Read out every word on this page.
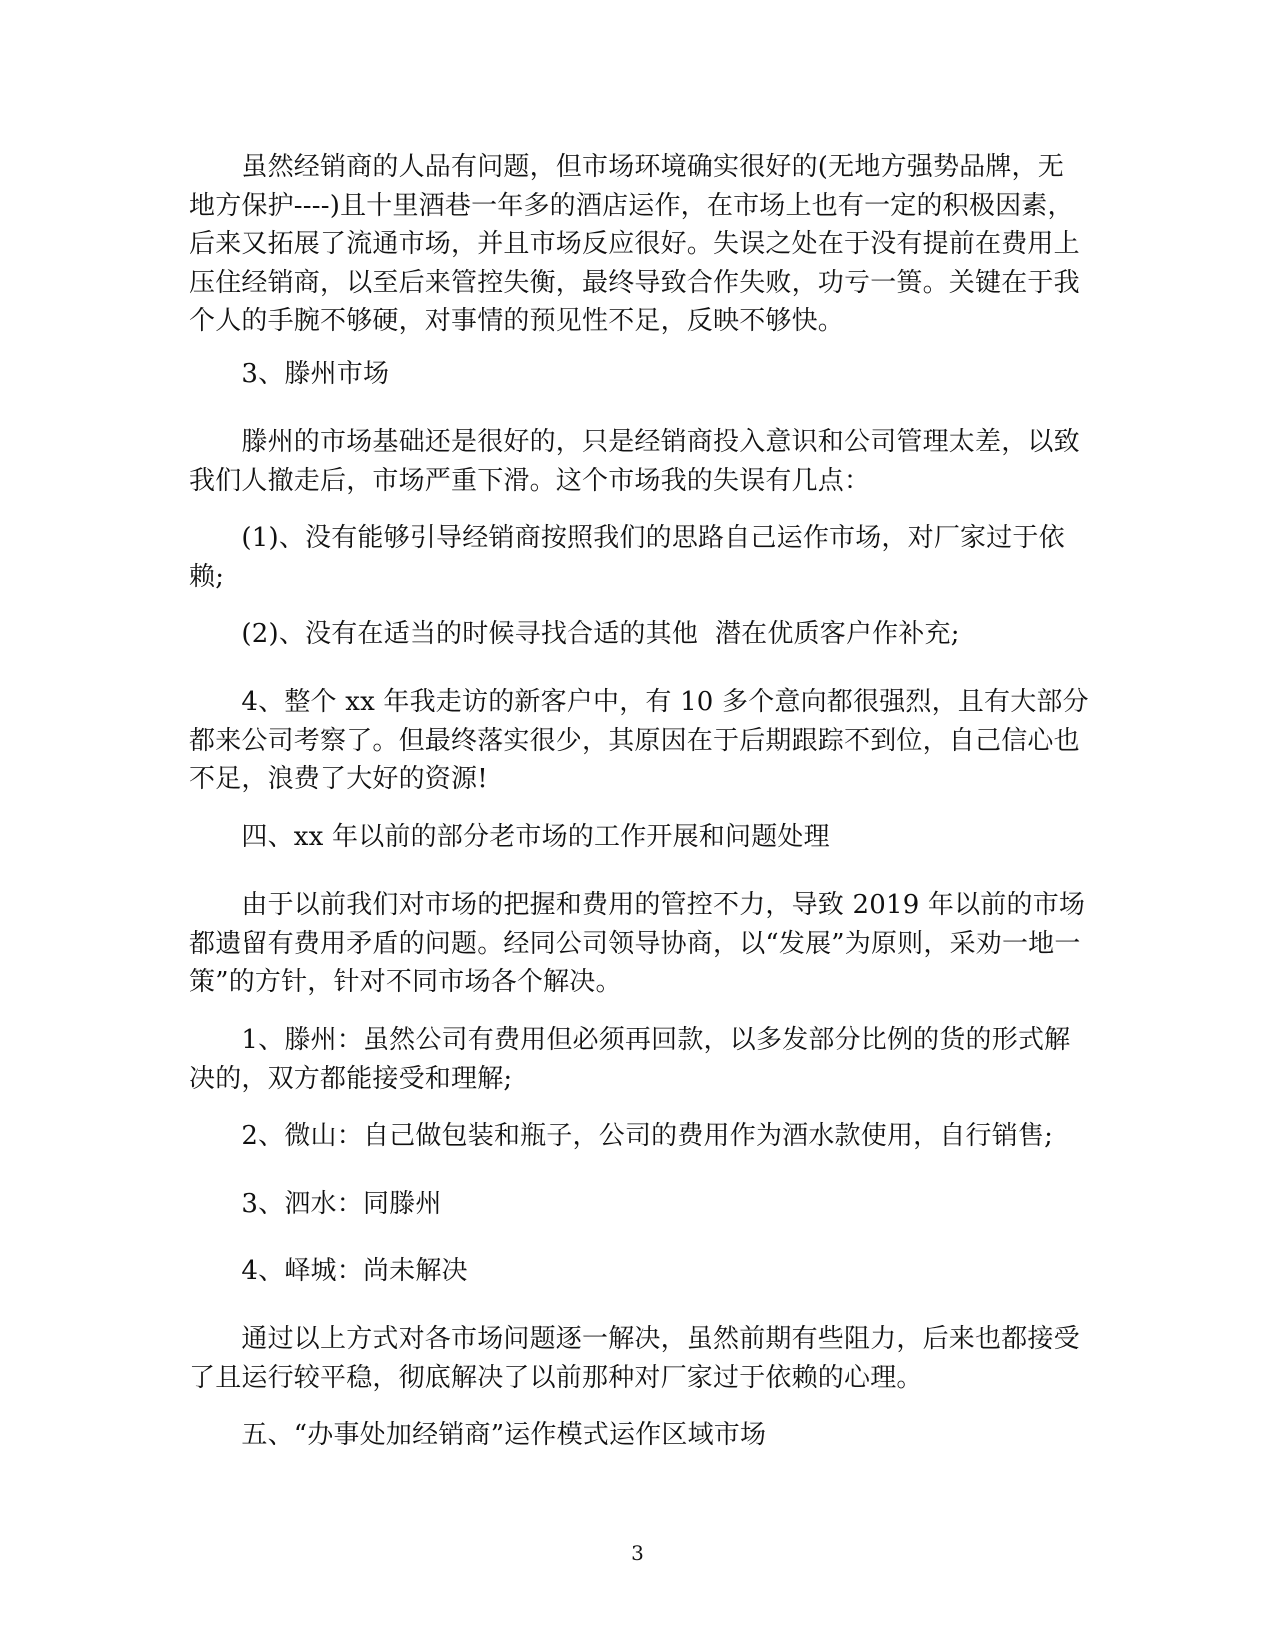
　　虽然经销商的人品有问题，但市场环境确实很好的(无地方强势品牌，无地方保护----)且十里酒巷一年多的酒店运作，在市场上也有一定的积极因素，后来又拓展了流通市场，并且市场反应很好。失误之处在于没有提前在费用上压住经销商，以至后来管控失衡，最终导致合作失败，功亏一篑。关键在于我个人的手腕不够硬，对事情的预见性不足，反映不够快。

　　3、滕州市场

　　滕州的市场基础还是很好的，只是经销商投入意识和公司管理太差，以致我们人撤走后，市场严重下滑。这个市场我的失误有几点：

　　(1)、没有能够引导经销商按照我们的思路自己运作市场，对厂家过于依赖;

　　(2)、没有在适当的时候寻找合适的其他  潜在优质客户作补充;

　　4、整个 xx 年我走访的新客户中，有 10 多个意向都很强烈，且有大部分都来公司考察了。但最终落实很少，其原因在于后期跟踪不到位，自己信心也不足，浪费了大好的资源!

　　四、xx 年以前的部分老市场的工作开展和问题处理

　　由于以前我们对市场的把握和费用的管控不力，导致 2019 年以前的市场都遗留有费用矛盾的问题。经同公司领导协商，以“发展”为原则，采劝一地一策”的方针，针对不同市场各个解决。

　　1、滕州：虽然公司有费用但必须再回款，以多发部分比例的货的形式解决的，双方都能接受和理解;

　　2、微山：自己做包装和瓶子，公司的费用作为酒水款使用，自行销售;

　　3、泗水：同滕州

　　4、峄城：尚未解决

　　通过以上方式对各市场问题逐一解决，虽然前期有些阻力，后来也都接受了且运行较平稳，彻底解决了以前那种对厂家过于依赖的心理。

　　五、“办事处加经销商”运作模式运作区域市场

3
